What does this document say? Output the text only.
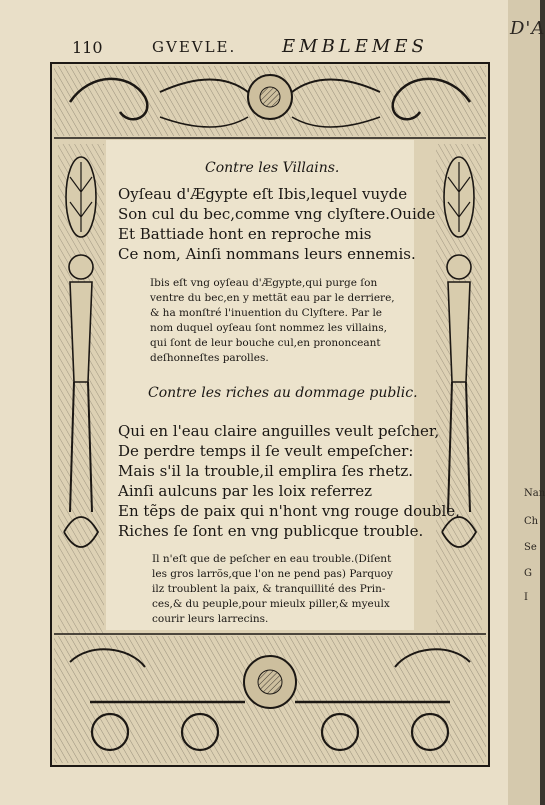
D'A
Nan
Ch
Se
G
I
110	GVEVLE.	EMBLEMES
Contre les Villains.
Oyſeau d'Ægypte eſt Ibis,lequel vuyde
Son cul du bec,comme vng clyſtere.Ouide
Et Battiade hont en reproche mis
Ce nom, Ainſi nommans leurs ennemis.
Ibis eſt vng oyſeau d'Ægypte,qui purge ſon
ventre du bec,en y mettãt eau par le derriere,
& ha monſtré l'inuention du Clyſtere. Par le
nom duquel oyſeau ſont nommez les villains,
qui ſont de leur bouche cul,en prononceant
deſhonneſtes parolles.
Contre les riches au dommage public.
Qui en l'eau claire anguilles veult peſcher,
De perdre temps il ſe veult empeſcher:
Mais s'il la trouble,il emplira ſes rhetz.
Ainſi aulcuns par les loix referrez
En tẽps de paix qui n'hont vng rouge double,
Riches ſe ſont en vng publicque trouble.
Il n'eſt que de peſcher en eau trouble.(Diſent
les gros larrõs,que l'on ne pend pas) Parquoy
ilz troublent la paix, & tranquillité des Prin-
ces,& du peuple,pour mieulx piller,& myeulx
courir leurs larrecins.
